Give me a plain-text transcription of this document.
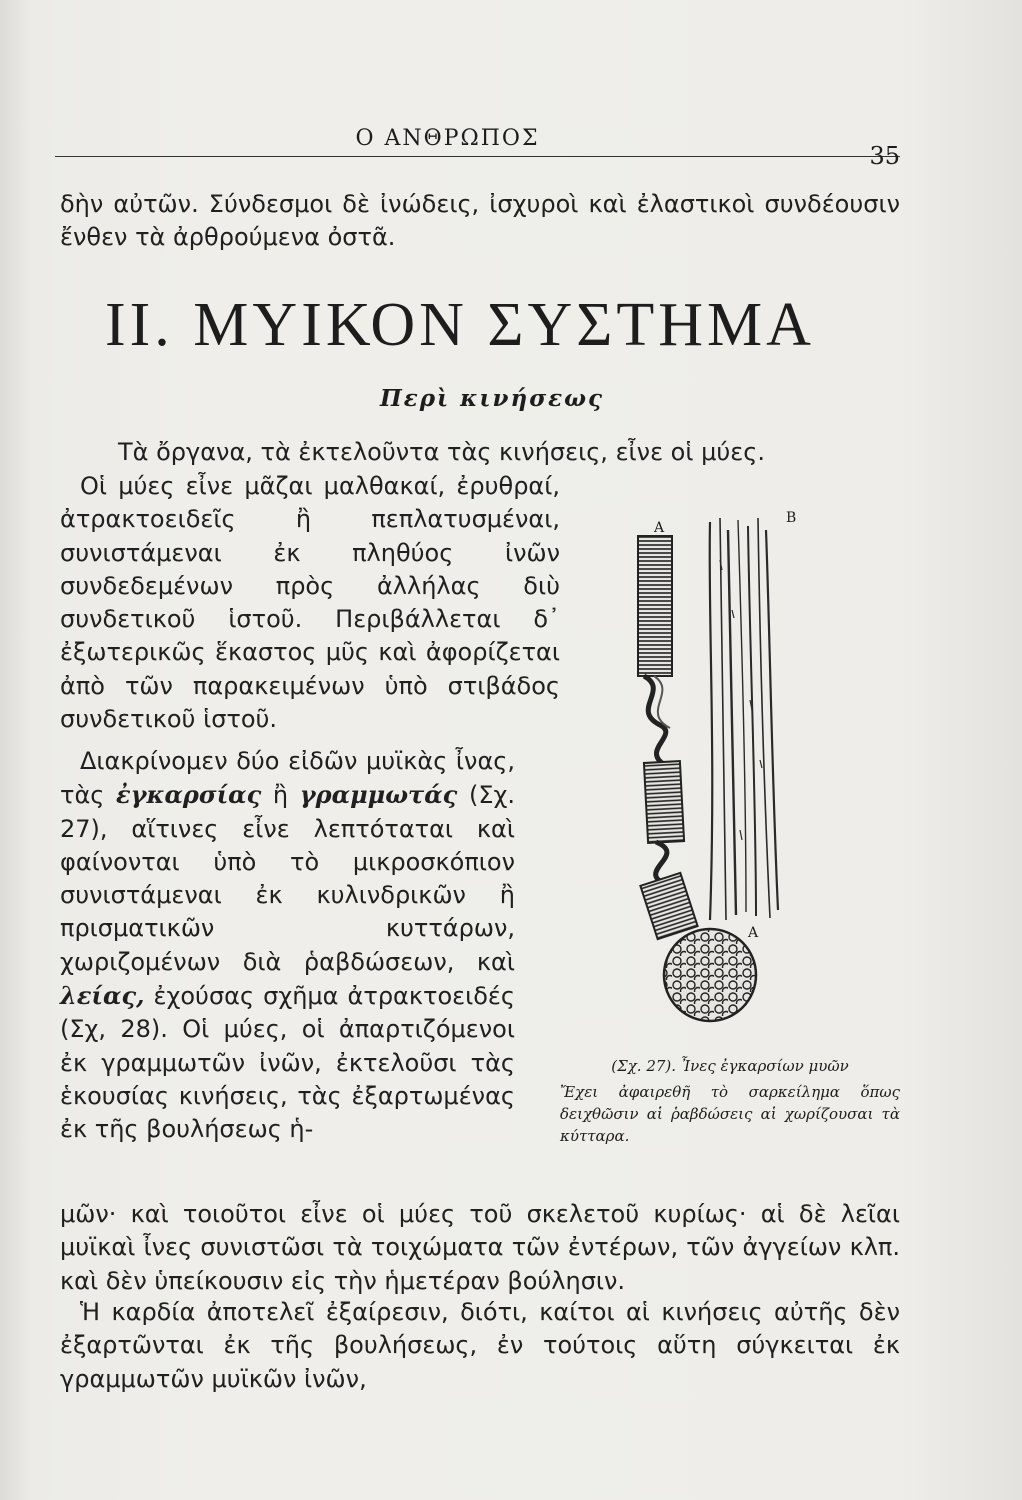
Ο ΑΝΘΡΩΠΟΣ
35

δὴν αὐτῶν. Σύνδεσμοι δὲ ἰνώδεις, ἰσχυροὶ καὶ ἐλαστικοὶ συνδέουσιν ἔνθεν τὰ ἀρθρούμενα ὀστᾶ.

II. ΜΥΙΚΟΝ ΣΥΣΤΗΜΑ
Περὶ κινήσεως

Τὰ ὄργανα, τὰ ἐκτελοῦντα τὰς κινήσεις, εἶνε οἱ μύες.

Οἱ μύες εἶνε μᾶζαι μαλθακαί, ἐρυθραί, ἀτρακτοειδεῖς ἢ πεπλατυσμέναι, συνιστάμεναι ἐκ πληθύος ἰνῶν συνδεδεμένων πρὸς ἀλλήλας διὺ συνδετικοῦ ἱστοῦ. Περιβάλλεται δ᾽ ἐξωτερικῶς ἕκαστος μῦς καὶ ἀφορίζεται ἀπὸ τῶν παρακειμένων ὑπὸ στιβάδος συνδετικοῦ ἱστοῦ.

Διακρίνομεν δύο εἰδῶν μυϊκὰς ἶνας, τὰς ἐγκαρσίας ἢ γραμμωτάς (Σχ. 27), αἵτινες εἶνε λεπτόταται καὶ φαίνονται ὑπὸ τὸ μικροσκόπιον συνιστάμεναι ἐκ κυλινδρικῶν ἢ πρισματικῶν κυττάρων, χωριζομένων διὰ ῥαβδώσεων, καὶ λείας, ἐχούσας σχῆμα ἀτρακτοειδές (Σχ, 28). Οἱ μύες, οἱ ἀπαρτιζόμενοι ἐκ γραμμωτῶν ἰνῶν, ἐκτελοῦσι τὰς ἑκουσίας κινήσεις, τὰς ἐξαρτωμένας ἐκ τῆς βουλήσεως ἡ-

Α
Β
Α
(Σχ. 27). Ἶνες ἐγκαρσίων μυῶν
Ἔχει ἀφαιρεθῆ τὸ σαρκείλημα ὅπως δειχθῶσιν αἱ ῥαβδώσεις αἱ χωρίζουσαι τὰ κύτταρα.

μῶν· καὶ τοιοῦτοι εἶνε οἱ μύες τοῦ σκελετοῦ κυρίως· αἱ δὲ λεῖαι μυϊκαὶ ἶνες συνιστῶσι τὰ τοιχώματα τῶν ἐντέρων, τῶν ἀγγείων κλπ. καὶ δὲν ὑπείκουσιν εἰς τὴν ἡμετέραν βούλησιν.

Ἡ καρδία ἀποτελεῖ ἐξαίρεσιν, διότι, καίτοι αἱ κινήσεις αὐτῆς δὲν ἐξαρτῶνται ἐκ τῆς βουλήσεως, ἐν τούτοις αὕτη σύγκειται ἐκ γραμμωτῶν μυϊκῶν ἰνῶν,
